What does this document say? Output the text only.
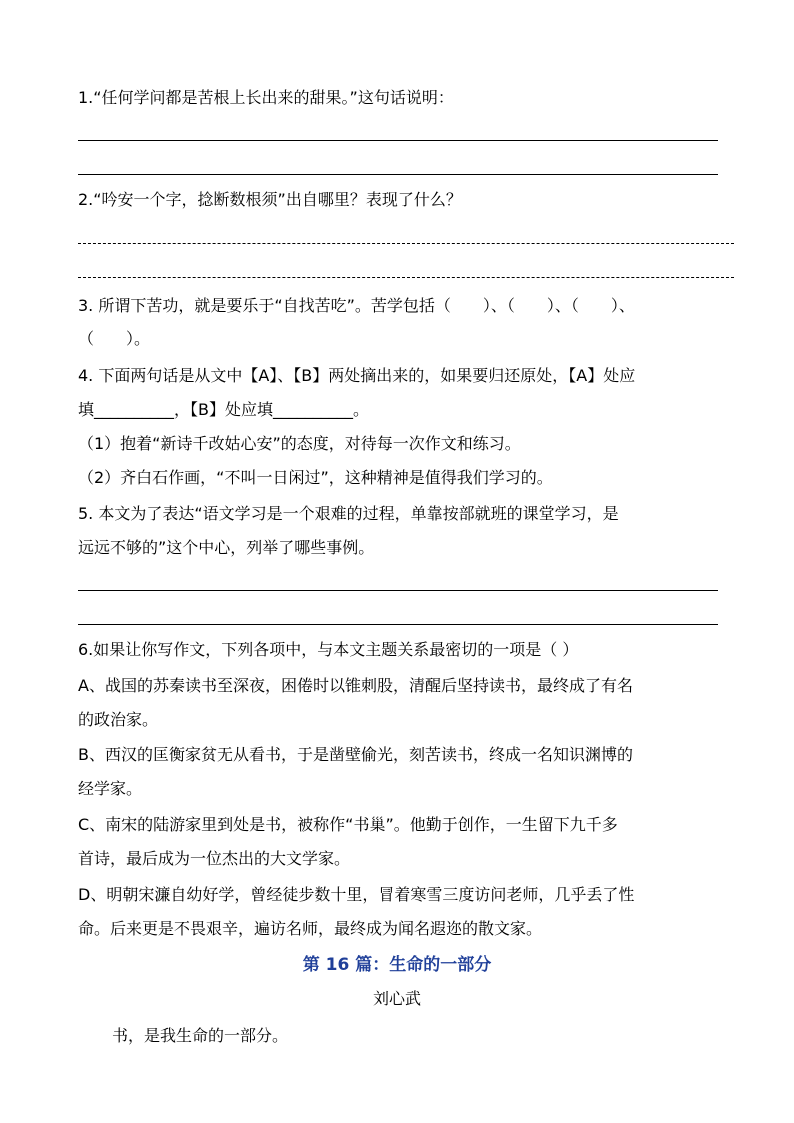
1.“任何学问都是苦根上长出来的甜果。”这句话说明：
2.“吟安一个字，捻断数根须”出自哪里？表现了什么？
3. 所谓下苦功，就是要乐于“自找苦吃”。苦学包括（　　）、（　　）、（　　）、
（　　）。
4. 下面两句话是从文中【A】、【B】两处摘出来的，如果要归还原处，【A】处应
填__________，【B】处应填__________。
（1）抱着“新诗千改姑心安”的态度，对待每一次作文和练习。
（2）齐白石作画，“不叫一日闲过”，这种精神是值得我们学习的。
5. 本文为了表达“语文学习是一个艰难的过程，单靠按部就班的课堂学习，是
远远不够的”这个中心，列举了哪些事例。
6.如果让你写作文，下列各项中，与本文主题关系最密切的一项是（ ）
A、战国的苏秦读书至深夜，困倦时以锥刺股，清醒后坚持读书，最终成了有名
的政治家。
B、西汉的匡衡家贫无从看书，于是凿壁偷光，刻苦读书，终成一名知识渊博的
经学家。
C、南宋的陆游家里到处是书，被称作“书巢”。他勤于创作，一生留下九千多
首诗，最后成为一位杰出的大文学家。
D、明朝宋濂自幼好学，曾经徒步数十里，冒着寒雪三度访问老师，几乎丢了性
命。后来更是不畏艰辛，遍访名师，最终成为闻名遐迩的散文家。
第 16 篇：生命的一部分
刘心武
书，是我生命的一部分。
